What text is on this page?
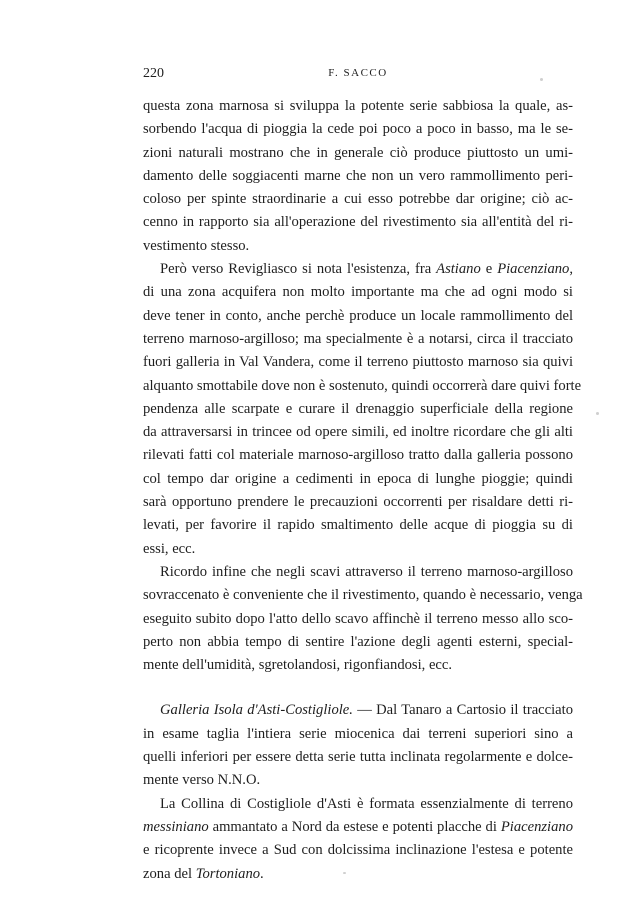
220	F. SACCO
questa zona marnosa si sviluppa la potente serie sabbiosa la quale, as-
sorbendo l'acqua di pioggia la cede poi poco a poco in basso, ma le se-
zioni naturali mostrano che in generale ciò produce piuttosto un umi-
damento delle soggiacenti marne che non un vero rammollimento peri-
coloso per spinte straordinarie a cui esso potrebbe dar origine; ciò ac-
cenno in rapporto sia all'operazione del rivestimento sia all'entità del ri-
vestimento stesso.
Però verso Revigliasco si nota l'esistenza, fra Astiano e Piacenziano,
di una zona acquifera non molto importante ma che ad ogni modo si
deve tener in conto, anche perchè produce un locale rammollimento del
terreno marnoso-argilloso; ma specialmente è a notarsi, circa il tracciato
fuori galleria in Val Vandera, come il terreno piuttosto marnoso sia quivi
alquanto smottabile dove non è sostenuto, quindi occorrerà dare quivi forte
pendenza alle scarpate e curare il drenaggio superficiale della regione
da attraversarsi in trincee od opere simili, ed inoltre ricordare che gli alti
rilevati fatti col materiale marnoso-argilloso tratto dalla galleria possono
col tempo dar origine a cedimenti in epoca di lunghe pioggie; quindi
sarà opportuno prendere le precauzioni occorrenti per risaldare detti ri-
levati, per favorire il rapido smaltimento delle acque di pioggia su di
essi, ecc.
Ricordo infine che negli scavi attraverso il terreno marnoso-argilloso
sovraccenato è conveniente che il rivestimento, quando è necessario, venga
eseguito subito dopo l'atto dello scavo affinchè il terreno messo allo sco-
perto non abbia tempo di sentire l'azione degli agenti esterni, special-
mente dell'umidità, sgretolandosi, rigonfiandosi, ecc.
Galleria Isola d'Asti-Costigliole. — Dal Tanaro a Cartosio il tracciato
in esame taglia l'intiera serie miocenica dai terreni superiori sino a
quelli inferiori per essere detta serie tutta inclinata regolarmente e dolce-
mente verso N.N.O.
La Collina di Costigliole d'Asti è formata essenzialmente di terreno
messiniano ammantato a Nord da estese e potenti placche di Piacenziano
e ricoprente invece a Sud con dolcissima inclinazione l'estesa e potente
zona del Tortoniano.
